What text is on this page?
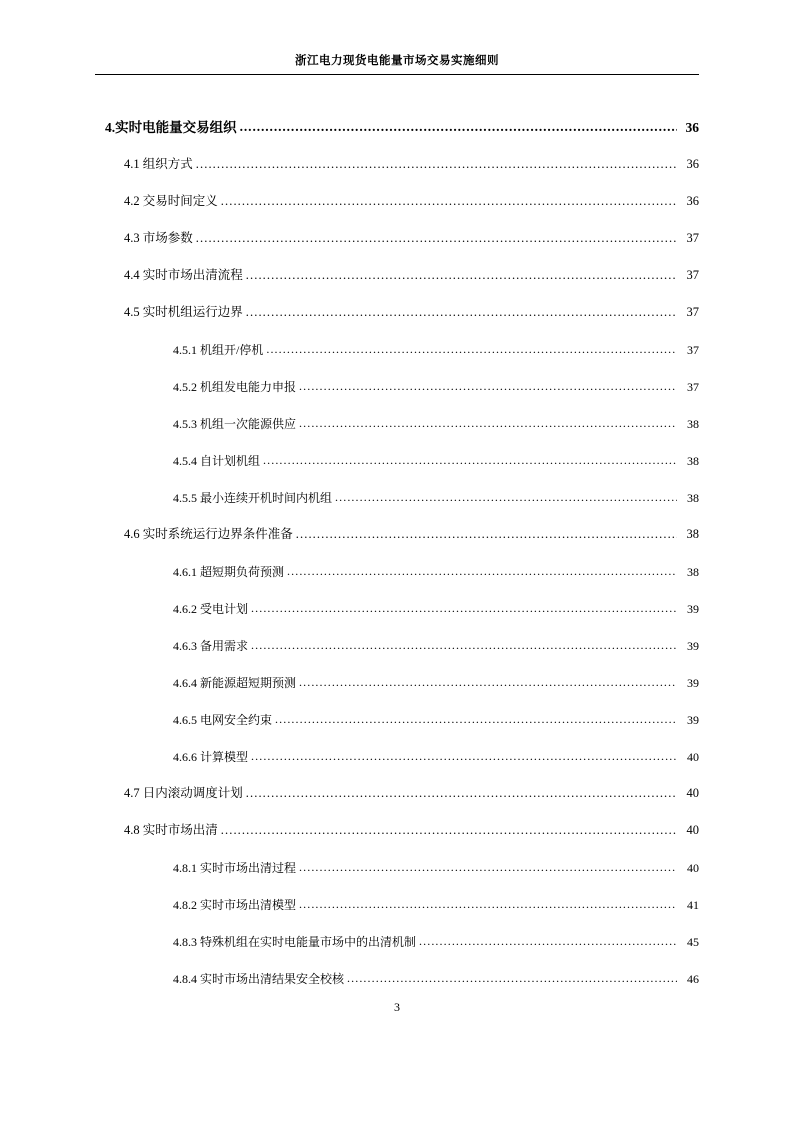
浙江电力现货电能量市场交易实施细则
4.实时电能量交易组织 .....	36
4.1 组织方式 .....	36
4.2 交易时间定义 .....	36
4.3 市场参数 .....	37
4.4 实时市场出清流程 .....	37
4.5 实时机组运行边界 .....	37
4.5.1 机组开/停机 .....	37
4.5.2 机组发电能力申报 .....	37
4.5.3 机组一次能源供应 .....	38
4.5.4 自计划机组 .....	38
4.5.5 最小连续开机时间内机组 .....	38
4.6 实时系统运行边界条件准备 .....	38
4.6.1 超短期负荷预测 .....	38
4.6.2 受电计划 .....	39
4.6.3 备用需求 .....	39
4.6.4 新能源超短期预测 .....	39
4.6.5 电网安全约束 .....	39
4.6.6 计算模型 .....	40
4.7 日内滚动调度计划 .....	40
4.8 实时市场出清 .....	40
4.8.1 实时市场出清过程 .....	40
4.8.2 实时市场出清模型 .....	41
4.8.3 特殊机组在实时电能量市场中的出清机制 .....	45
4.8.4 实时市场出清结果安全校核 .....	46
3
